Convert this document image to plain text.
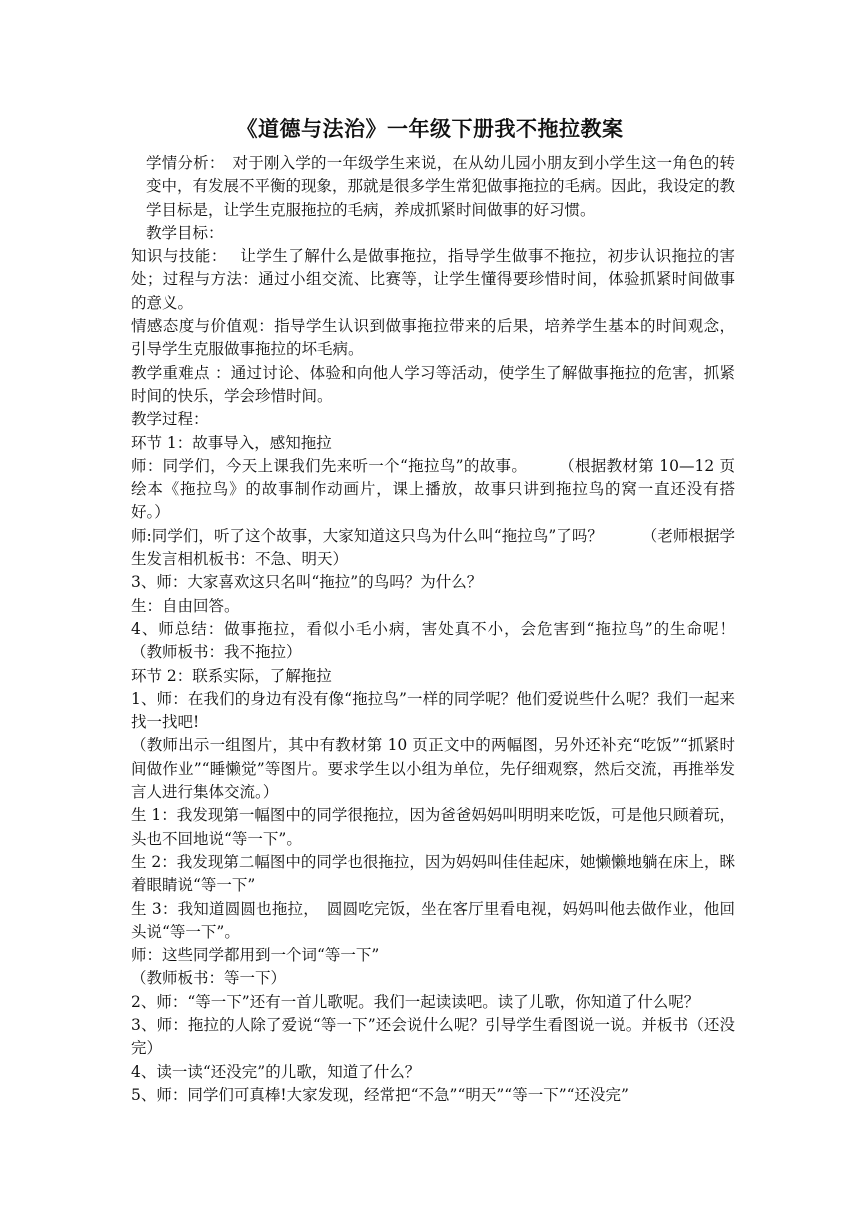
《道德与法治》一年级下册我不拖拉教案

学情分析：　对于刚入学的一年级学生来说，在从幼儿园小朋友到小学生这一角色的转变中，有发展不平衡的现象，那就是很多学生常犯做事拖拉的毛病。因此，我设定的教学目标是，让学生克服拖拉的毛病，养成抓紧时间做事的好习惯。

教学目标：

知识与技能：　 让学生了解什么是做事拖拉，指导学生做事不拖拉，初步认识拖拉的害处；过程与方法：通过小组交流、比赛等，让学生懂得要珍惜时间，体验抓紧时间做事的意义。

情感态度与价值观：指导学生认识到做事拖拉带来的后果，培养学生基本的时间观念，引导学生克服做事拖拉的坏毛病。

教学重难点 ：通过讨论、体验和向他人学习等活动，使学生了解做事拖拉的危害，抓紧时间的快乐，学会珍惜时间。

教学过程：

环节 1：故事导入，感知拖拉

师：同学们，今天上课我们先来听一个“拖拉鸟”的故事。　　　（根据教材第 10—12 页绘本《拖拉鸟》的故事制作动画片，课上播放，故事只讲到拖拉鸟的窝一直还没有搭好。）

师:同学们，听了这个故事，大家知道这只鸟为什么叫“拖拉鸟”了吗？　　　（老师根据学生发言相机板书：不急、明天）

3、师：大家喜欢这只名叫“拖拉”的鸟吗？为什么？

生：自由回答。

4、师总结：做事拖拉，看似小毛小病，害处真不小，会危害到“拖拉鸟”的生命呢！　（教师板书：我不拖拉）

环节 2：联系实际，了解拖拉

1、师：在我们的身边有没有像“拖拉鸟”一样的同学呢？他们爱说些什么呢？我们一起来找一找吧!

（教师出示一组图片，其中有教材第 10 页正文中的两幅图，另外还补充“吃饭”“抓紧时间做作业”“睡懒觉”等图片。要求学生以小组为单位，先仔细观察，然后交流，再推举发言人进行集体交流。）

生 1：我发现第一幅图中的同学很拖拉，因为爸爸妈妈叫明明来吃饭，可是他只顾着玩，头也不回地说“等一下”。

生 2：我发现第二幅图中的同学也很拖拉，因为妈妈叫佳佳起床，她懒懒地躺在床上，眯着眼睛说“等一下”

生 3：我知道圆圆也拖拉，　圆圆吃完饭，坐在客厅里看电视，妈妈叫他去做作业，他回头说“等一下”。

师：这些同学都用到一个词“等一下”

（教师板书：等一下）

2、师：“等一下”还有一首儿歌呢。我们一起读读吧。读了儿歌，你知道了什么呢？

3、师：拖拉的人除了爱说“等一下”还会说什么呢？引导学生看图说一说。并板书（还没完）

4、读一读“还没完”的儿歌，知道了什么？

5、师：同学们可真棒!大家发现，经常把“不急”“明天”“等一下”“还没完”
